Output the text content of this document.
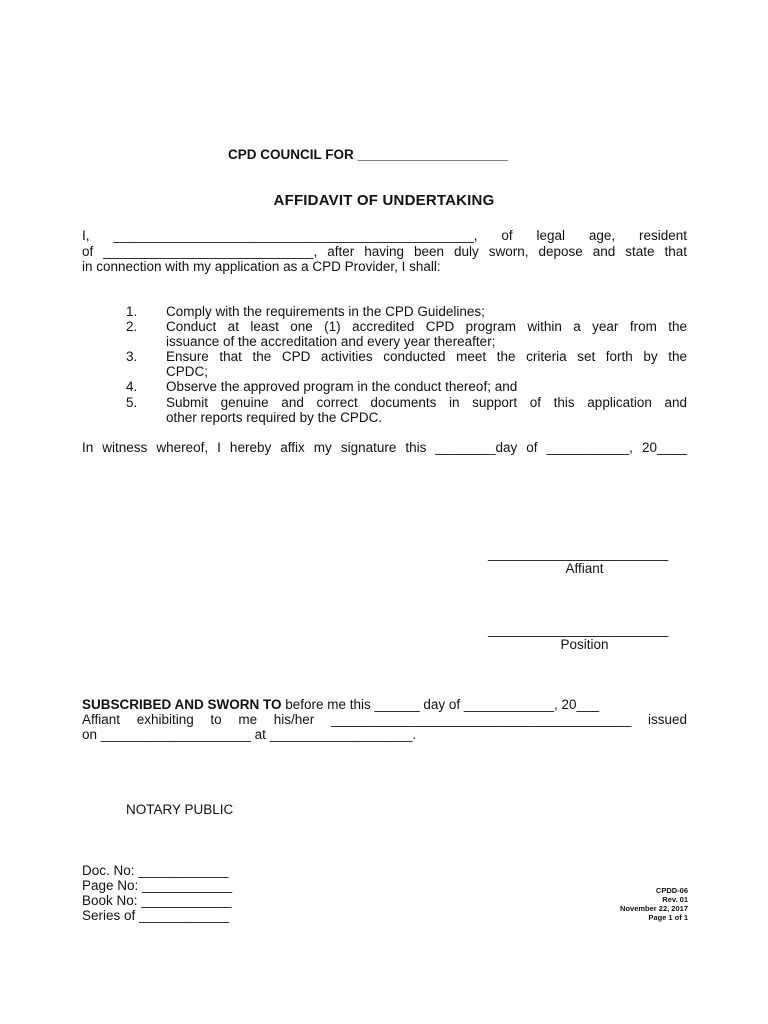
CPD COUNCIL FOR ____________________
AFFIDAVIT OF UNDERTAKING
I, ________________________________________________, of legal age, resident
of ____________________________, after having been duly sworn, depose and state that
in connection with my application as a CPD Provider, I shall:
1. Comply with the requirements in the CPD Guidelines;
2. Conduct at least one (1) accredited CPD program within a year from the
issuance of the accreditation and every year thereafter;
3. Ensure that the CPD activities conducted meet the criteria set forth by the
CPDC;
4. Observe the approved program in the conduct thereof; and
5. Submit genuine and correct documents in support of this application and
other reports required by the CPDC.
In witness whereof, I hereby affix my signature this ________day of ___________, 20____
________________________
Affiant
________________________
Position
SUBSCRIBED AND SWORN TO before me this ______ day of ____________, 20___
Affiant exhibiting to me his/her ________________________________________ issued
on ____________________ at ___________________.
NOTARY PUBLIC
Doc. No: ____________
Page No: ____________
Book No: ____________
Series of ____________
CPDD-06
Rev. 01
November 22, 2017
Page 1 of 1
